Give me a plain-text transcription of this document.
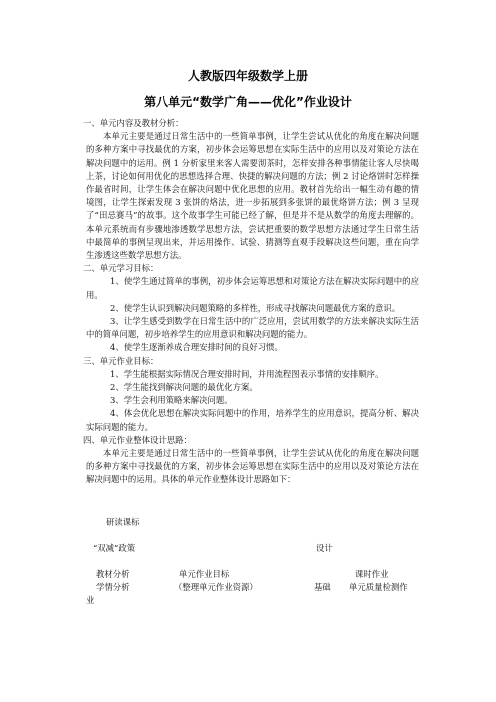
人教版四年级数学上册
第八单元“数学广角——优化”作业设计

一、单元内容及教材分析：

本单元主要是通过日常生活中的一些简单事例，让学生尝试从优化的角度在解决问题的多种方案中寻找最优的方案，初步体会运筹思想在实际生活中的应用以及对策论方法在解决问题中的运用。例 1 分析家里来客人需要沏茶时，怎样安排各种事情能让客人尽快喝上茶，讨论如何用优化的思想选择合理、快捷的解决问题的方法；例 2 讨论烙饼时怎样操作最省时间，让学生体会在解决问题中优化思想的应用。教材首先给出一幅生动有趣的情境图，让学生探索发现 3 张饼的烙法，进一步拓展到多张饼的最优烙饼方法；例 3 呈现了“田忌赛马”的故事。这个故事学生可能已经了解，但是并不是从数学的角度去理解的。本单元系统而有步骤地渗透数学思想方法，尝试把重要的数学思想方法通过学生日常生活中最简单的事例呈现出来，并运用操作、试验、猜测等直观手段解决这些问题，重在向学生渗透这些数学思想方法。

二、单元学习目标：

1、使学生通过简单的事例，初步体会运筹思想和对策论方法在解决实际问题中的应用。

2、使学生认识到解决问题策略的多样性，形成寻找解决问题最优方案的意识。

3、让学生感受到数学在日常生活中的广泛应用，尝试用数学的方法来解决实际生活中的简单问题，初步培养学生的应用意识和解决问题的能力。

4、使学生逐渐养成合理安排时间的良好习惯。

三、单元作业目标：

1、学生能根据实际情况合理安排时间，并用流程图表示事情的安排顺序。

2、学生能找到解决问题的最优化方案。

3、学生会利用策略来解决问题。

4、体会优化思想在解决实际问题中的作用，培养学生的应用意识，提高分析、解决实际问题的能力。

四、单元作业整体设计思路：

本单元主要是通过日常生活中的一些简单事例，让学生尝试从优化的角度在解决问题的多种方案中寻找最优的方案，初步体会运筹思想在实际生活中的应用以及对策论方法在解决问题中的运用。具体的单元作业整体设计思路如下：

研读课标
“双减”政策	设计
教材分析	单元作业目标	课时作业
学情分析	（整理单元作业资源）	基础 单元质量检测作
业
